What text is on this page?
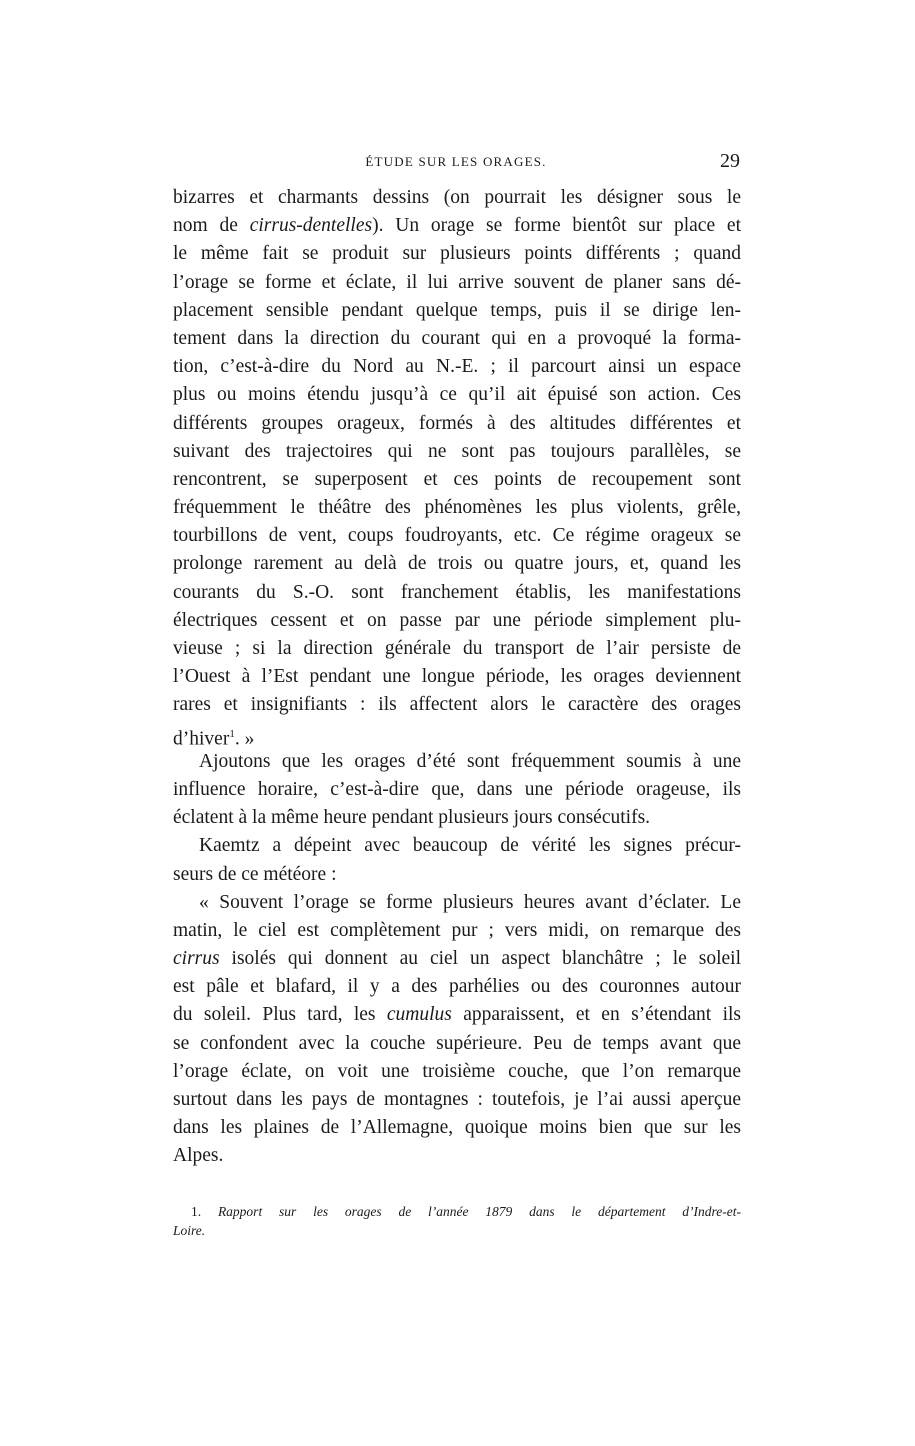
ÉTUDE SUR LES ORAGES.	29
bizarres et charmants dessins (on pourrait les désigner sous le
nom de cirrus-dentelles). Un orage se forme bientôt sur place et
le même fait se produit sur plusieurs points différents ; quand
l’orage se forme et éclate, il lui arrive souvent de planer sans dé-
placement sensible pendant quelque temps, puis il se dirige len-
tement dans la direction du courant qui en a provoqué la forma-
tion, c’est-à-dire du Nord au N.-E. ; il parcourt ainsi un espace
plus ou moins étendu jusqu’à ce qu’il ait épuisé son action. Ces
différents groupes orageux, formés à des altitudes différentes et
suivant des trajectoires qui ne sont pas toujours parallèles, se
rencontrent, se superposent et ces points de recoupement sont
fréquemment le théâtre des phénomènes les plus violents, grêle,
tourbillons de vent, coups foudroyants, etc. Ce régime orageux se
prolonge rarement au delà de trois ou quatre jours, et, quand les
courants du S.-O. sont franchement établis, les manifestations
électriques cessent et on passe par une période simplement plu-
vieuse ; si la direction générale du transport de l’air persiste de
l’Ouest à l’Est pendant une longue période, les orages deviennent
rares et insignifiants : ils affectent alors le caractère des orages
d’hiver$^1$. »
Ajoutons que les orages d’été sont fréquemment soumis à une
influence horaire, c’est-à-dire que, dans une période orageuse, ils
éclatent à la même heure pendant plusieurs jours consécutifs.
Kaemtz a dépeint avec beaucoup de vérité les signes précur-
seurs de ce météore :
« Souvent l’orage se forme plusieurs heures avant d’éclater. Le
matin, le ciel est complètement pur ; vers midi, on remarque des
cirrus isolés qui donnent au ciel un aspect blanchâtre ; le soleil
est pâle et blafard, il y a des parhélies ou des couronnes autour
du soleil. Plus tard, les cumulus apparaissent, et en s’étendant ils
se confondent avec la couche supérieure. Peu de temps avant que
l’orage éclate, on voit une troisième couche, que l’on remarque
surtout dans les pays de montagnes : toutefois, je l’ai aussi aperçue
dans les plaines de l’Allemagne, quoique moins bien que sur les
Alpes.
1. Rapport sur les orages de l’année 1879 dans le département d’Indre-et-
Loire.
